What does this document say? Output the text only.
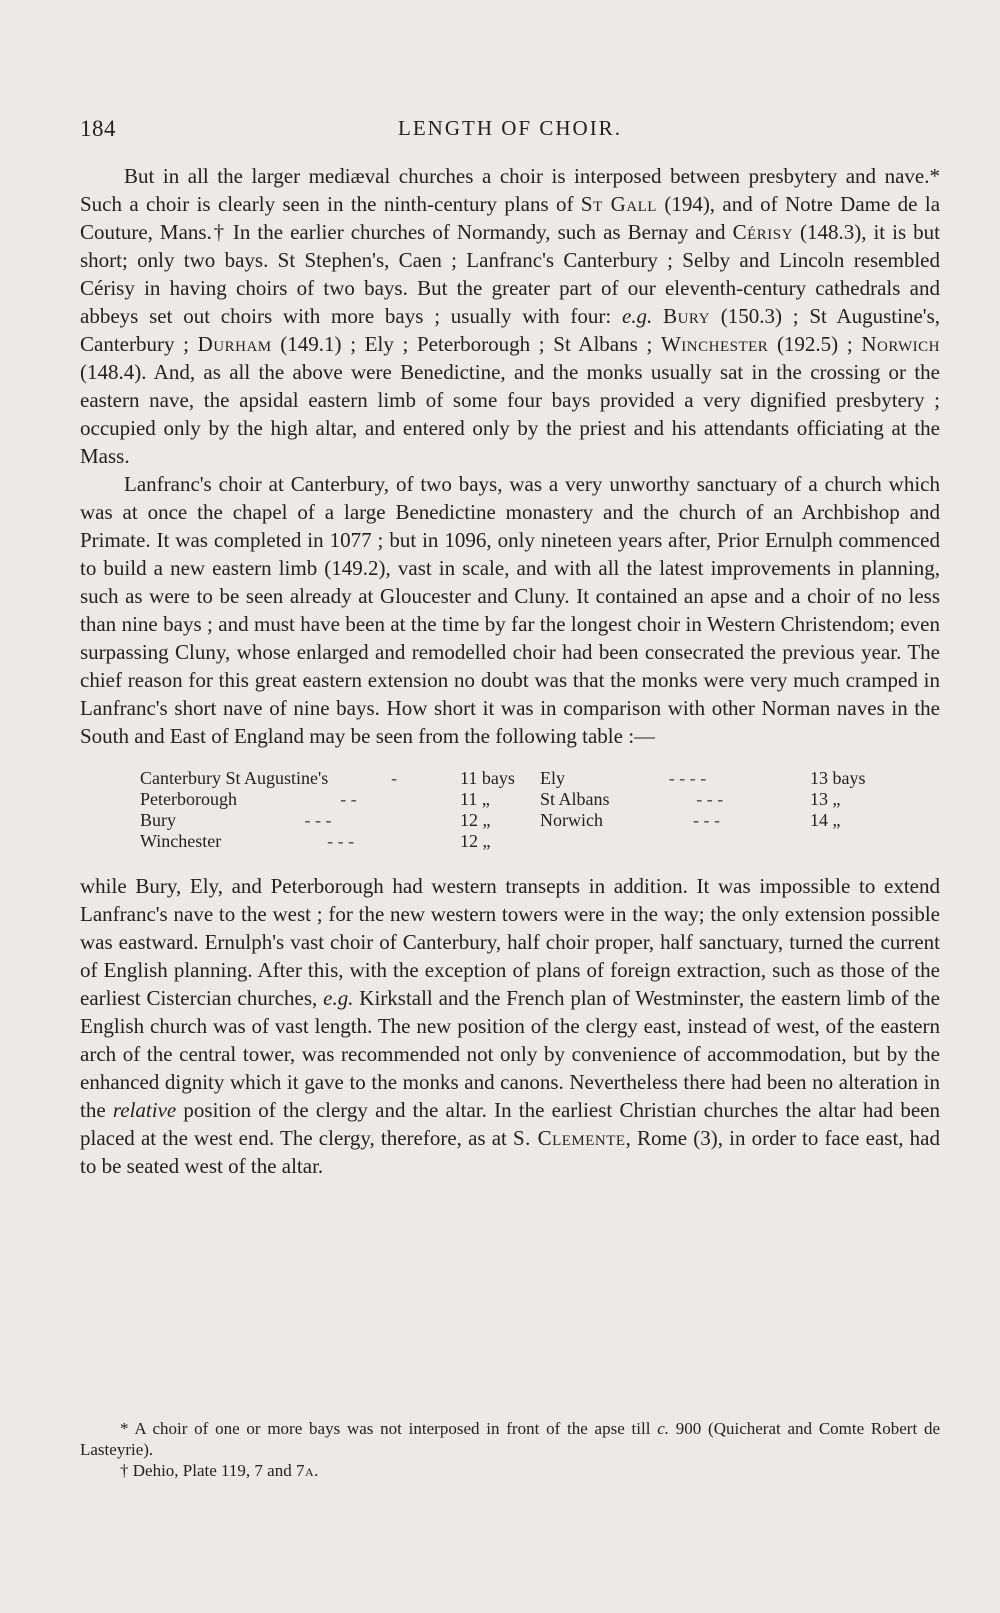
184	LENGTH OF CHOIR.

But in all the larger mediæval churches a choir is interposed between presbytery and nave.* Such a choir is clearly seen in the ninth-century plans of St Gall (194), and of Notre Dame de la Couture, Mans.† In the earlier churches of Normandy, such as Bernay and Cérisy (148.3), it is but short; only two bays. St Stephen's, Caen ; Lanfranc's Canterbury ; Selby and Lincoln resembled Cérisy in having choirs of two bays. But the greater part of our eleventh-century cathedrals and abbeys set out choirs with more bays ; usually with four: e.g. Bury (150.3) ; St Augustine's, Canterbury ; Durham (149.1) ; Ely ; Peterborough ; St Albans ; Winchester (192.5) ; Norwich (148.4). And, as all the above were Benedictine, and the monks usually sat in the crossing or the eastern nave, the apsidal eastern limb of some four bays provided a very dignified presbytery ; occupied only by the high altar, and entered only by the priest and his attendants officiating at the Mass.

Lanfranc's choir at Canterbury, of two bays, was a very unworthy sanctuary of a church which was at once the chapel of a large Benedictine monastery and the church of an Archbishop and Primate. It was completed in 1077 ; but in 1096, only nineteen years after, Prior Ernulph commenced to build a new eastern limb (149.2), vast in scale, and with all the latest improvements in planning, such as were to be seen already at Gloucester and Cluny. It contained an apse and a choir of no less than nine bays ; and must have been at the time by far the longest choir in Western Christendom; even surpassing Cluny, whose enlarged and remodelled choir had been consecrated the previous year. The chief reason for this great eastern extension no doubt was that the monks were very much cramped in Lanfranc's short nave of nine bays. How short it was in comparison with other Norman naves in the South and East of England may be seen from the following table :—

Canterbury St Augustine's	-	11 bays
Peterborough	- -	11 „
Bury	- - -	12 „
Winchester	- - -	12 „
Ely	- - - -	13 bays
St Albans	- - -	13 „
Norwich	- - -	14 „

while Bury, Ely, and Peterborough had western transepts in addition. It was impossible to extend Lanfranc's nave to the west ; for the new western towers were in the way; the only extension possible was eastward. Ernulph's vast choir of Canterbury, half choir proper, half sanctuary, turned the current of English planning. After this, with the exception of plans of foreign extraction, such as those of the earliest Cistercian churches, e.g. Kirkstall and the French plan of Westminster, the eastern limb of the English church was of vast length. The new position of the clergy east, instead of west, of the eastern arch of the central tower, was recommended not only by convenience of accommodation, but by the enhanced dignity which it gave to the monks and canons. Nevertheless there had been no alteration in the relative position of the clergy and the altar. In the earliest Christian churches the altar had been placed at the west end. The clergy, therefore, as at S. Clemente, Rome (3), in order to face east, had to be seated west of the altar.

* A choir of one or more bays was not interposed in front of the apse till c. 900 (Quicherat and Comte Robert de Lasteyrie).

† Dehio, Plate 119, 7 and 7a.
